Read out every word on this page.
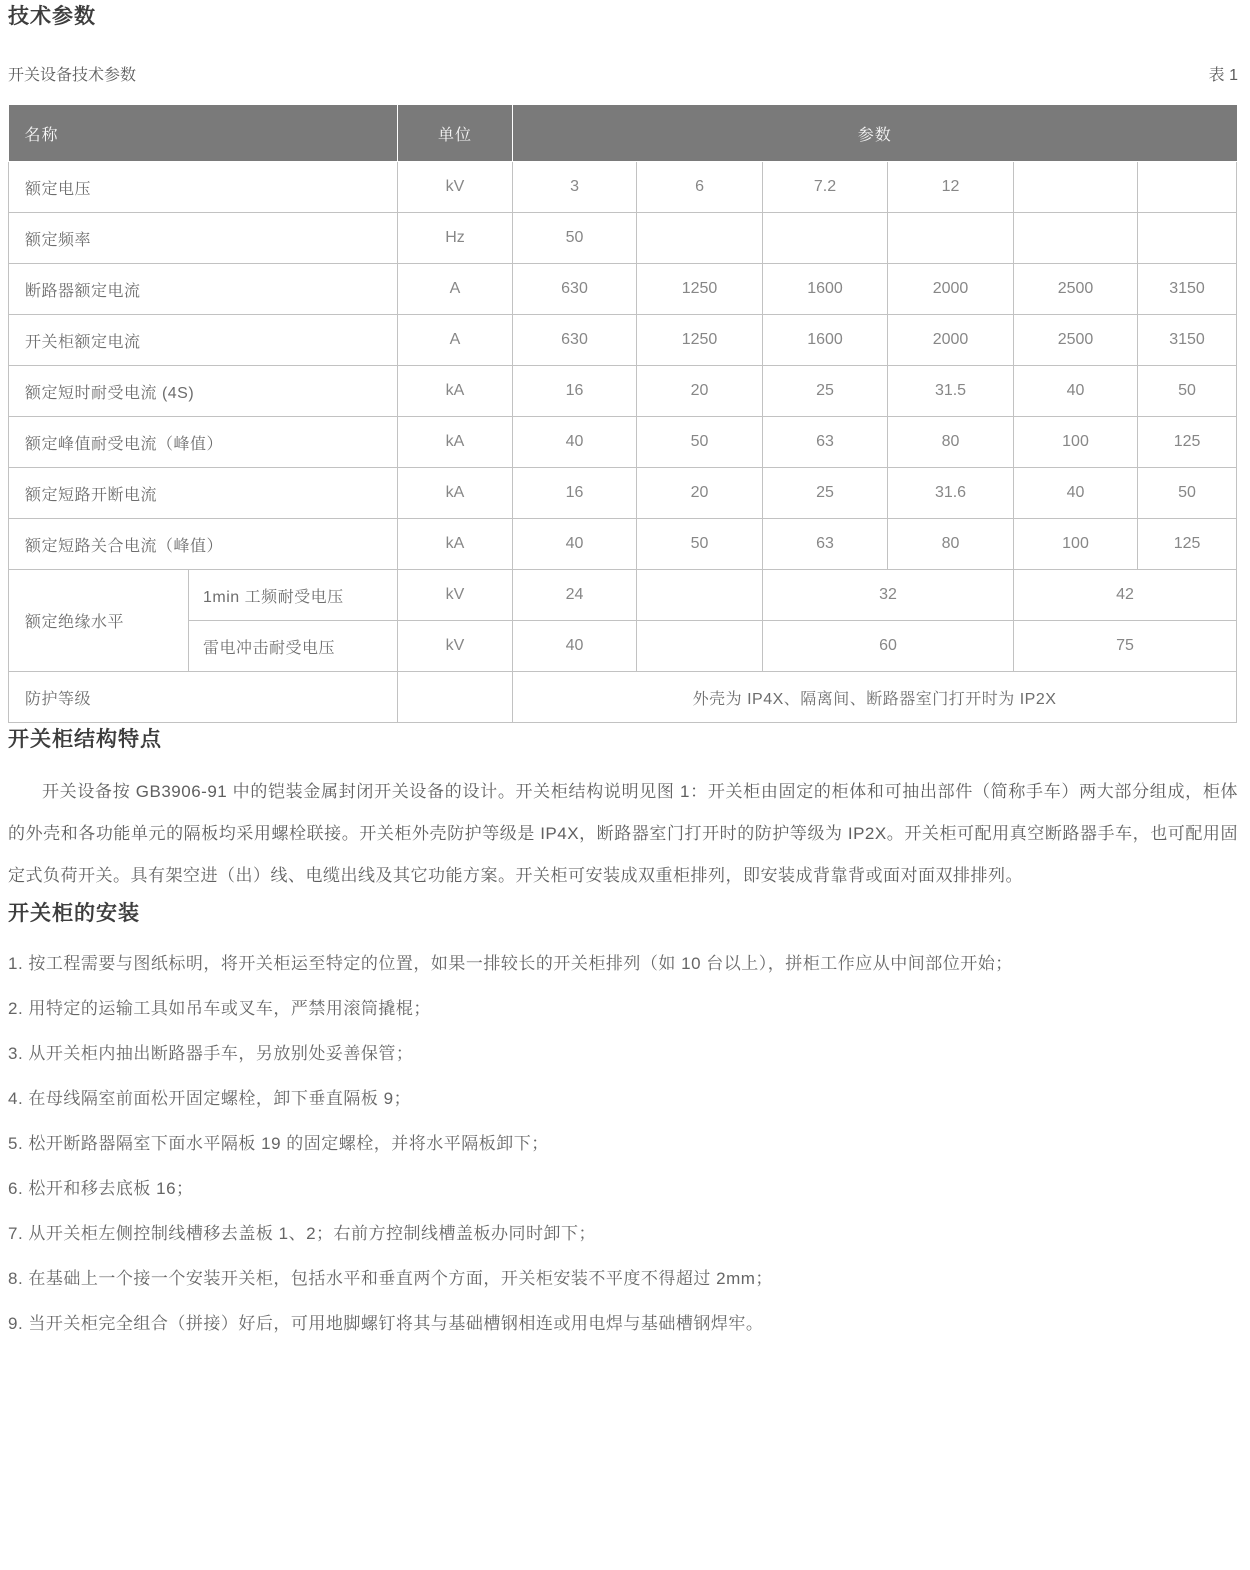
技术参数
开关设备技术参数	表 1
名称		单位	参数					
额定电压		kV	3	6	7.2	12		
额定频率		Hz	50					
断路器额定电流		A	630	1250	1600	2000	2500	3150
开关柜额定电流		A	630	1250	1600	2000	2500	3150
额定短时耐受电流 (4S)		kA	16	20	25	31.5	40	50
额定峰值耐受电流（峰值）		kA	40	50	63	80	100	125
额定短路开断电流		kA	16	20	25	31.6	40	50
额定短路关合电流（峰值）		kA	40	50	63	80	100	125
额定绝缘水平	1min 工频耐受电压	kV	24		32		42	
	雷电冲击耐受电压	kV	40		60		75	
防护等级			外壳为 IP4X、隔离间、断路器室门打开时为 IP2X					
开关柜结构特点

开关设备按 GB3906-91 中的铠装金属封闭开关设备的设计。开关柜结构说明见图 1：开关柜由固定的柜体和可抽出部件（简称手车）两大部分组成，柜体的外壳和各功能单元的隔板均采用螺栓联接。开关柜外壳防护等级是 IP4X，断路器室门打开时的防护等级为 IP2X。开关柜可配用真空断路器手车，也可配用固定式负荷开关。具有架空进（出）线、电缆出线及其它功能方案。开关柜可安装成双重柜排列，即安装成背靠背或面对面双排排列。

开关柜的安装
1. 按工程需要与图纸标明，将开关柜运至特定的位置，如果一排较长的开关柜排列（如 10 台以上），拼柜工作应从中间部位开始；
2. 用特定的运输工具如吊车或叉车，严禁用滚筒撬棍；
3. 从开关柜内抽出断路器手车，另放别处妥善保管；
4. 在母线隔室前面松开固定螺栓，卸下垂直隔板 9；
5. 松开断路器隔室下面水平隔板 19 的固定螺栓，并将水平隔板卸下；
6. 松开和移去底板 16；
7. 从开关柜左侧控制线槽移去盖板 1、2；右前方控制线槽盖板办同时卸下；
8. 在基础上一个接一个安装开关柜，包括水平和垂直两个方面，开关柜安装不平度不得超过 2mm；
9. 当开关柜完全组合（拼接）好后，可用地脚螺钉将其与基础槽钢相连或用电焊与基础槽钢焊牢。
